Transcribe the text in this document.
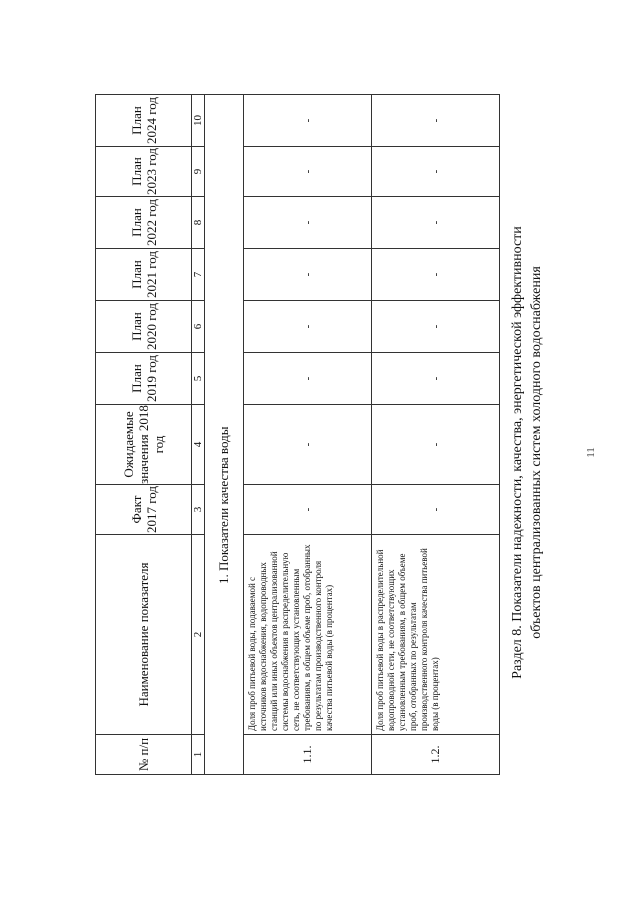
11
Раздел 8. Показатели надежности, качества, энергетической эффективности объектов централизованных систем холодного водоснабжения
№ п/п	Наименование показателя	Факт 2017 год	Ожидаемые значения 2018 год	План 2019 год	План 2020 год	План 2021 год	План 2022 год	План 2023 год	План 2024 год
1	2	3	4	5	6	7	8	9	10
1. Показатели качества воды									
1.1.	Доля проб питьевой воды, подаваемой с источников водоснабжения, водопроводных станций или иных объектов централизованной системы водоснабжения в распределительную сеть, не соответствующих установленным требованиям, в общем объеме проб, отобранных по результатам производственного контроля качества питьевой воды (в процентах)	-	-	-	-	-	-	-	-
1.2.	Доля проб питьевой воды в распределительной водопроводной сети, не соответствующих установленным требованиям, в общем объеме проб, отобранных по результатам производственного контроля качества питьевой воды (в процентах)	-	-	-	-	-	-	-	-
